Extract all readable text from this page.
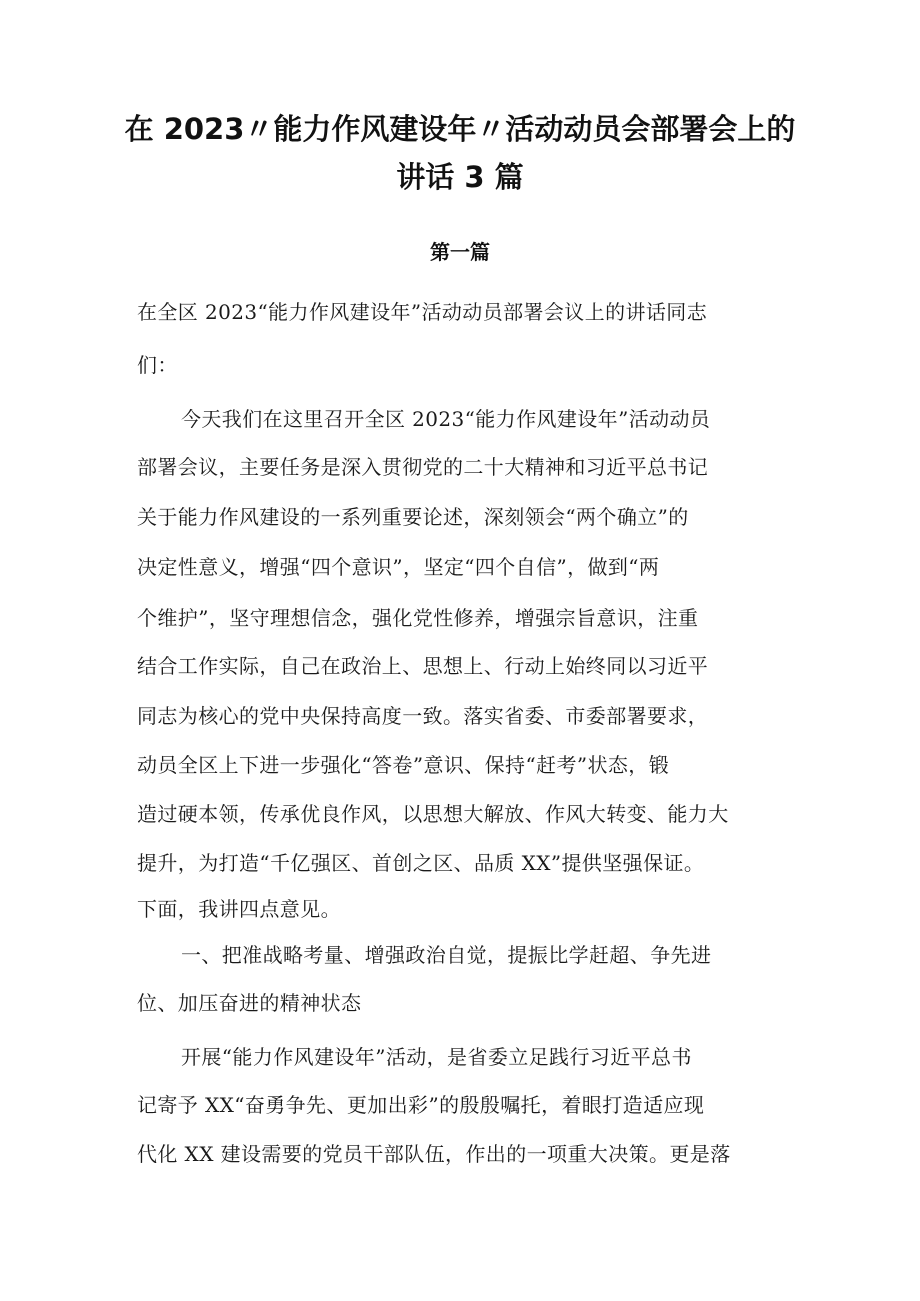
在 2023〃能力作风建设年〃活动动员会部署会上的
讲话 3 篇
第一篇
在全区 2023“能力作风建设年”活动动员部署会议上的讲话同志
们：
今天我们在这里召开全区 2023“能力作风建设年”活动动员
部署会议，主要任务是深入贯彻党的二十大精神和习近平总书记
关于能力作风建设的一系列重要论述，深刻领会“两个确立”的
决定性意义，增强“四个意识”，坚定“四个自信”，做到“两
个维护”，坚守理想信念，强化党性修养，增强宗旨意识，注重
结合工作实际，自己在政治上、思想上、行动上始终同以习近平
同志为核心的党中央保持高度一致。落实省委、市委部署要求，
动员全区上下进一步强化“答卷”意识、保持“赶考”状态，锻
造过硬本领，传承优良作风，以思想大解放、作风大转变、能力大
提升，为打造“千亿强区、首创之区、品质 XX”提供坚强保证。
下面，我讲四点意见。
一、把准战略考量、增强政治自觉，提振比学赶超、争先进
位、加压奋进的精神状态
开展“能力作风建设年”活动，是省委立足践行习近平总书
记寄予 XX“奋勇争先、更加出彩”的殷殷嘱托，着眼打造适应现
代化 XX 建设需要的党员干部队伍，作出的一项重大决策。更是落
